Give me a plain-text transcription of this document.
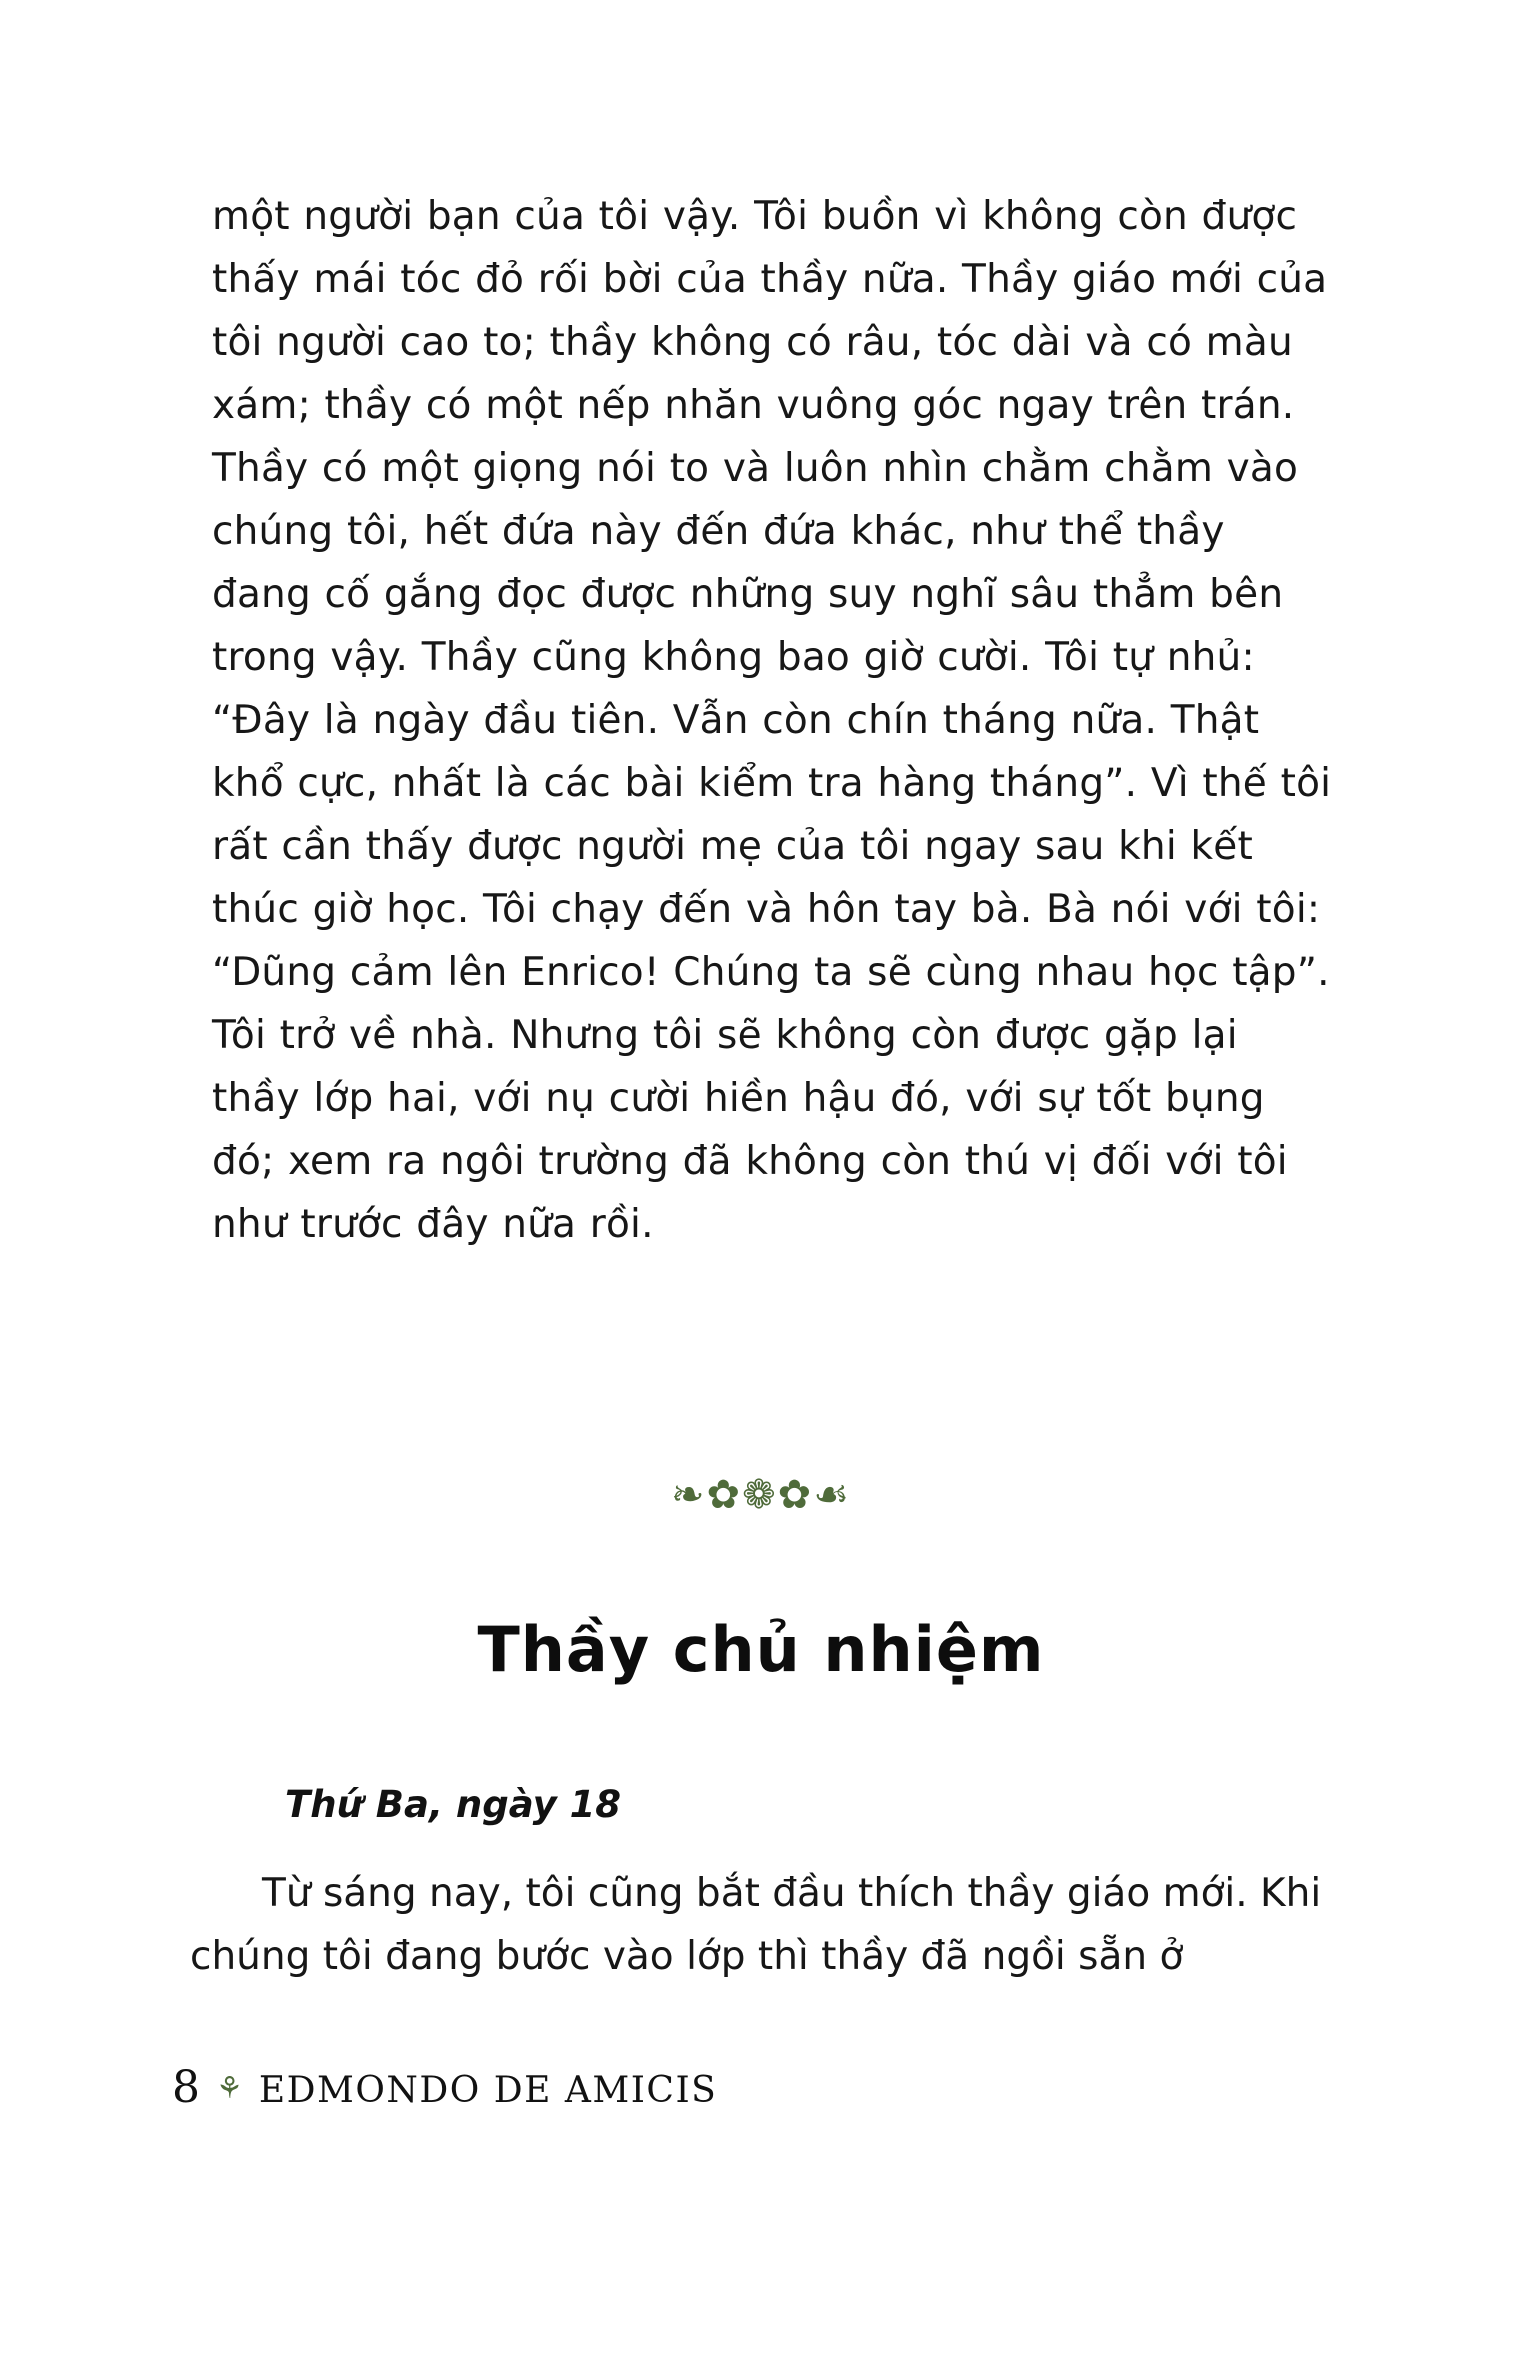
một người bạn của tôi vậy. Tôi buồn vì không còn được thấy mái tóc đỏ rối bời của thầy nữa. Thầy giáo mới của tôi người cao to; thầy không có râu, tóc dài và có màu xám; thầy có một nếp nhăn vuông góc ngay trên trán. Thầy có một giọng nói to và luôn nhìn chằm chằm vào chúng tôi, hết đứa này đến đứa khác, như thể thầy đang cố gắng đọc được những suy nghĩ sâu thẳm bên trong vậy. Thầy cũng không bao giờ cười. Tôi tự nhủ: “Đây là ngày đầu tiên. Vẫn còn chín tháng nữa. Thật khổ cực, nhất là các bài kiểm tra hàng tháng”. Vì thế tôi rất cần thấy được người mẹ của tôi ngay sau khi kết thúc giờ học. Tôi chạy đến và hôn tay bà. Bà nói với tôi: “Dũng cảm lên Enrico! Chúng ta sẽ cùng nhau học tập”. Tôi trở về nhà. Nhưng tôi sẽ không còn được gặp lại thầy lớp hai, với nụ cười hiền hậu đó, với sự tốt bụng đó; xem ra ngôi trường đã không còn thú vị đối với tôi như trước đây nữa rồi.
❧✿❁✿☙
Thầy chủ nhiệm
Thứ Ba, ngày 18
Từ sáng nay, tôi cũng bắt đầu thích thầy giáo mới. Khi chúng tôi đang bước vào lớp thì thầy đã ngồi sẵn ở
8 ⚘ EDMONDO DE AMICIS
